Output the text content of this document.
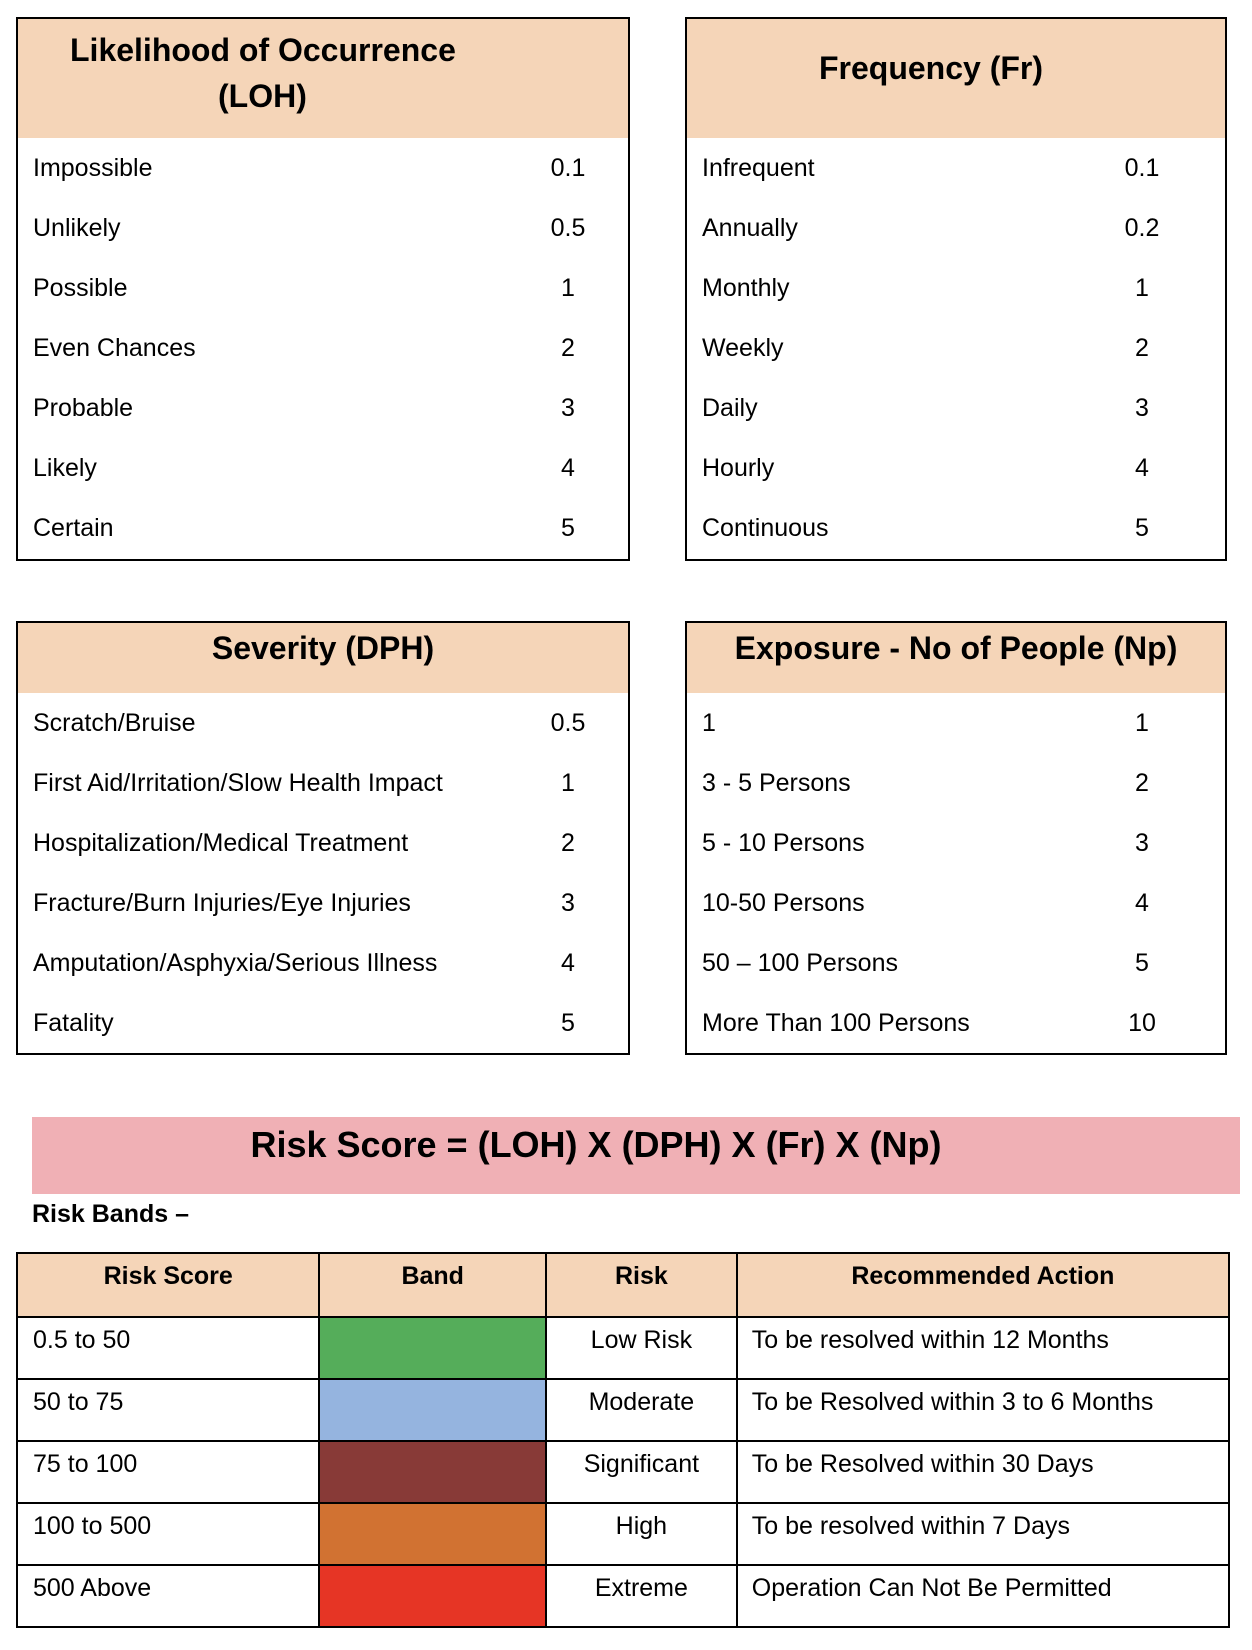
Likelihood of Occurrence
(LOH)
Impossible	0.1
Unlikely	0.5
Possible	1
Even Chances	2
Probable	3
Likely	4
Certain	5
Frequency (Fr)
Infrequent	0.1
Annually	0.2
Monthly	1
Weekly	2
Daily	3
Hourly	4
Continuous	5
Severity (DPH)
Scratch/Bruise	0.5
First Aid/Irritation/Slow Health Impact	1
Hospitalization/Medical Treatment	2
Fracture/Burn Injuries/Eye Injuries	3
Amputation/Asphyxia/Serious Illness	4
Fatality	5
Exposure - No of People (Np)
1	1
3 - 5 Persons	2
5 - 10 Persons	3
10-50 Persons	4
50 – 100 Persons	5
More Than 100 Persons	10
Risk Score = (LOH) X (DPH) X (Fr) X (Np)
Risk Bands –
Risk Score	Band	Risk	Recommended Action
0.5 to 50		Low Risk	To be resolved within 12 Months
50 to 75		Moderate	To be Resolved within 3 to 6 Months
75 to 100		Significant	To be Resolved within 30 Days
100 to 500		High	To be resolved within 7 Days
500 Above		Extreme	Operation Can Not Be Permitted
